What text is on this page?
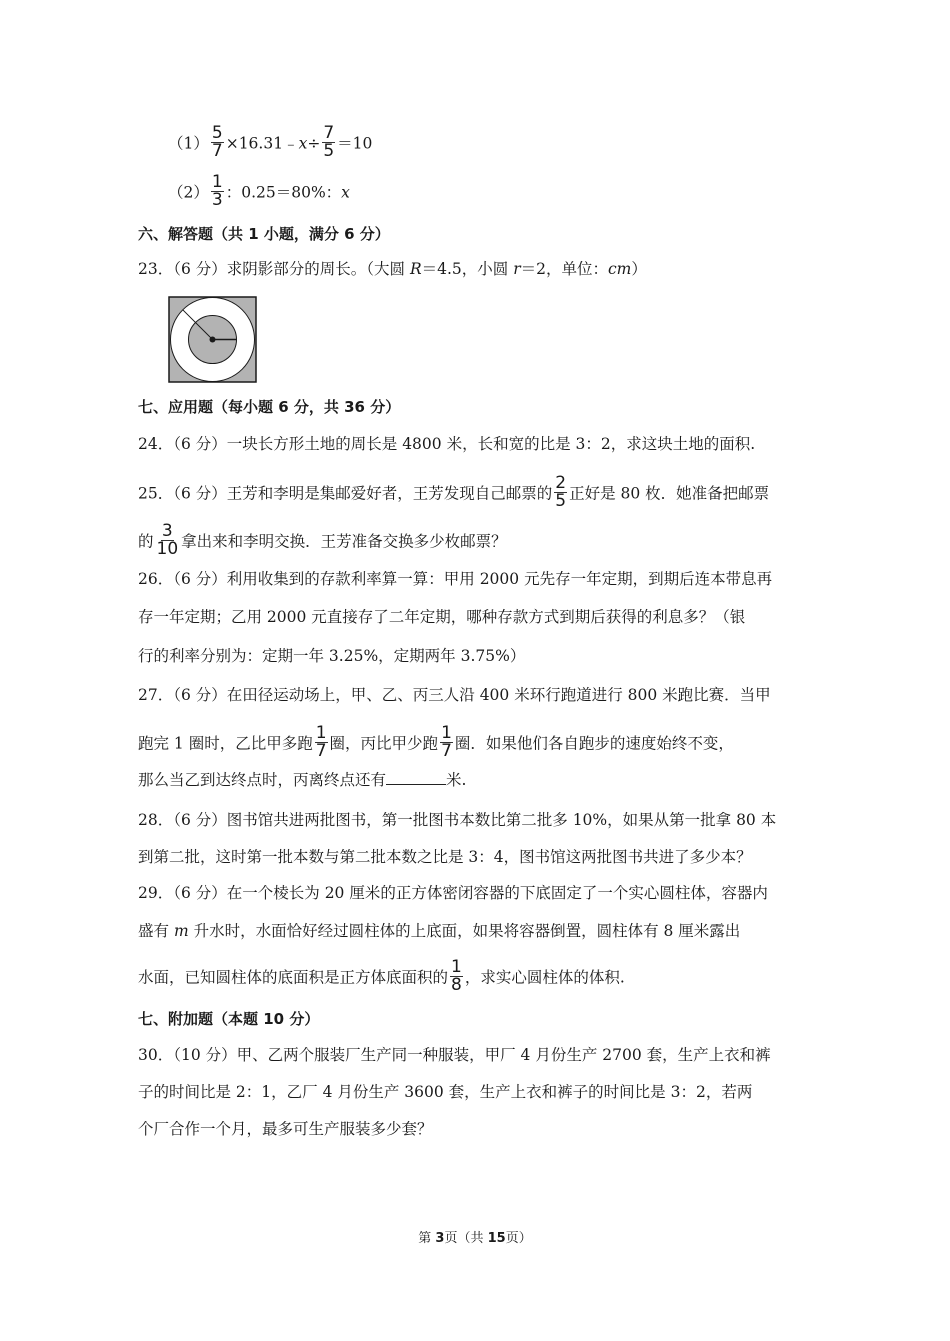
$(1) \frac{5}{7}$ ×16.31﹣x÷ $\frac{7}{5} =10$
$(2) \frac{1}{3}$ ：0.25＝80%：x
六、解答题（共 1 小题，满分 6 分）
23．（6 分）求阴影部分的周长。（大圆 R＝4.5，小圆 r＝2，单位：cm）
七、应用题（每小题 6 分，共 36 分）
24．（6 分）一块长方形土地的周长是 4800 米，长和宽的比是 3：2，求这块土地的面积.
25．（6 分）王芳和李明是集邮爱好者，王芳发现自己邮票的 $\frac{2}{5}$ 正好是 80 枚．她准备把邮票
的 $\frac{3}{10}$ 拿出来和李明交换．王芳准备交换多少枚邮票？
26．（6 分）利用收集到的存款利率算一算：甲用 2000 元先存一年定期，到期后连本带息再
存一年定期；乙用 2000 元直接存了二年定期，哪种存款方式到期后获得的利息多？（银
行的利率分别为：定期一年 3.25%，定期两年 3.75%）
27．（6 分）在田径运动场上，甲、乙、丙三人沿 400 米环行跑道进行 800 米跑比赛．当甲
跑完 1 圈时，乙比甲多跑 $\frac{1}{7}$ 圈，丙比甲少跑 $\frac{1}{7}$ 圈．如果他们各自跑步的速度始终不变，
那么当乙到达终点时，丙离终点还有	米.
28．（6 分）图书馆共进两批图书，第一批图书本数比第二批多 10%，如果从第一批拿 80 本
到第二批，这时第一批本数与第二批本数之比是 3：4，图书馆这两批图书共进了多少本？
29．（6 分）在一个棱长为 20 厘米的正方体密闭容器的下底固定了一个实心圆柱体，容器内
盛有 m 升水时，水面恰好经过圆柱体的上底面，如果将容器倒置，圆柱体有 8 厘米露出
水面，已知圆柱体的底面积是正方体底面积的 $\frac{1}{8}$ ，求实心圆柱体的体积.
七、附加题（本题 10 分）
30．（10 分）甲、乙两个服装厂生产同一种服装，甲厂 4 月份生产 2700 套，生产上衣和裤
子的时间比是 2：1，乙厂 4 月份生产 3600 套，生产上衣和裤子的时间比是 3：2，若两
个厂合作一个月，最多可生产服装多少套？
第 3页（共 15页）
